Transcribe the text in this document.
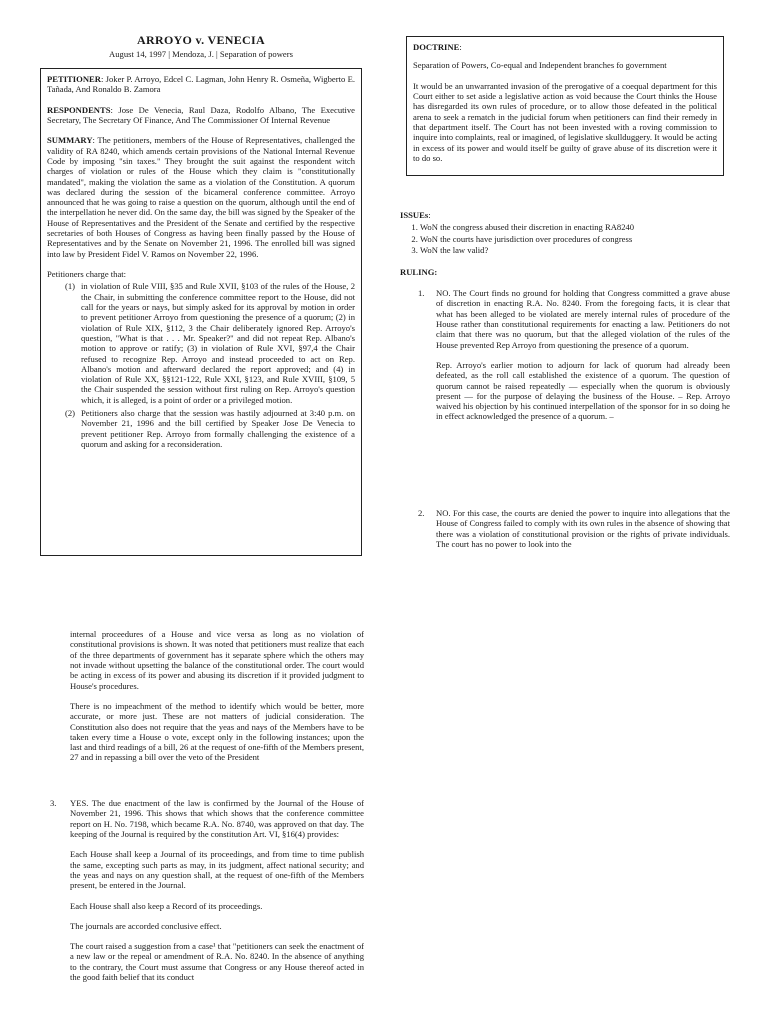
ARROYO v. VENECIA
August 14, 1997 | Mendoza, J. | Separation of powers

PETITIONER: Joker P. Arroyo, Edcel C. Lagman, John Henry R. Osmeña, Wigberto E. Tañada, And Ronaldo B. Zamora

RESPONDENTS: Jose De Venecia, Raul Daza, Rodolfo Albano, The Executive Secretary, The Secretary Of Finance, And The Commissioner Of Internal Revenue

SUMMARY: The petitioners, members of the House of Representatives, challenged the validity of RA 8240, which amends certain provisions of the National Internal Revenue Code by imposing "sin taxes." They brought the suit against the respondent witch charges of violation or rules of the House which they claim is "constitutionally mandated", making the violation the same as a violation of the Constitution. A quorum was declared during the session of the bicameral conference committee. Arroyo announced that he was going to raise a question on the quorum, although until the end of the interpellation he never did. On the same day, the bill was signed by the Speaker of the House of Representatives and the President of the Senate and certified by the respective secretaries of both Houses of Congress as having been finally passed by the House of Representatives and by the Senate on November 21, 1996. The enrolled bill was signed into law by President Fidel V. Ramos on November 22, 1996.

Petitioners charge that:

(1) in violation of Rule VIII, §35 and Rule XVII, §103 of the rules of the House, 2 the Chair, in submitting the conference committee report to the House, did not call for the years or nays, but simply asked for its approval by motion in order to prevent petitioner Arroyo from questioning the presence of a quorum; (2) in violation of Rule XIX, §112, 3 the Chair deliberately ignored Rep. Arroyo's question, "What is that . . . Mr. Speaker?" and did not repeat Rep. Albano's motion to approve or ratify; (3) in violation of Rule XVI, §97,4 the Chair refused to recognize Rep. Arroyo and instead proceeded to act on Rep. Albano's motion and afterward declared the report approved; and (4) in violation of Rule XX, §§121-122, Rule XXI, §123, and Rule XVIII, §109, 5 the Chair suspended the session without first ruling on Rep. Arroyo's question which, it is alleged, is a point of order or a privileged motion.
(2) Petitioners also charge that the session was hastily adjourned at 3:40 p.m. on November 21, 1996 and the bill certified by Speaker Jose De Venecia to prevent petitioner Rep. Arroyo from formally challenging the existence of a quorum and asking for a reconsideration.
DOCTRINE:

Separation of Powers, Co-equal and Independent branches fo government

It would be an unwarranted invasion of the prerogative of a coequal department for this Court either to set aside a legislative action as void because the Court thinks the House has disregarded its own rules of procedure, or to allow those defeated in the political arena to seek a rematch in the judicial forum when petitioners can find their remedy in that department itself. The Court has not been invested with a roving commission to inquire into complaints, real or imagined, of legislative skullduggery. It would be acting in excess of its power and would itself be guilty of grave abuse of its discretion were it to do so.

ISSUEs:
1. WoN the congress abused their discretion in enacting RA8240
2. WoN the courts have jurisdiction over procedures of congress
3. WoN the law valid?
RULING:
1. NO. The Court finds no ground for holding that Congress committed a grave abuse of discretion in enacting R.A. No. 8240. From the foregoing facts, it is clear that what has been alleged to be violated are merely internal rules of procedure of the House rather than constitutional requirements for enacting a law. Petitioners do not claim that there was no quorum, but that the alleged violation of the rules of the House prevented Rep Arroyo from questioning the presence of a quorum.

Rep. Arroyo's earlier motion to adjourn for lack of quorum had already been defeated, as the roll call established the existence of a quorum. The question of quorum cannot be raised repeatedly — especially when the quorum is obviously present — for the purpose of delaying the business of the House. – Rep. Arroyo waived his objection by his continued interpellation of the sponsor for in so doing he in effect acknowledged the presence of a quorum. –

2. NO. For this case, the courts are denied the power to inquire into allegations that the House of Congress failed to comply with its own rules in the absence of showing that there was a violation of constitutional provision or the rights of private individuals. The court has no power to look into the

internal proceedures of a House and vice versa as long as no violation of constitutional provisions is shown. It was noted that petitioners must realize that each of the three departments of government has it separate sphere which the others may not invade without upsetting the balance of the constitutional order. The court would be acting in excess of its power and abusing its discretion if it provided judgment to House's procedures.

There is no impeachment of the method to identify which would be better, more accurate, or more just. These are not matters of judicial consideration. The Constitution also does not require that the yeas and nays of the Members have to be taken every time a House o vote, except only in the following instances; upon the last and third readings of a bill, 26 at the request of one-fifth of the Members present, 27 and in repassing a bill over the veto of the President

3. YES. The due enactment of the law is confirmed by the Journal of the House of November 21, 1996. This shows that which shows that the conference committee report on H. No. 7198, which became R.A. No. 8740, was approved on that day. The keeping of the Journal is required by the constitution Art. VI, §16(4) provides:

Each House shall keep a Journal of its proceedings, and from time to time publish the same, excepting such parts as may, in its judgment, affect national security; and the yeas and nays on any question shall, at the request of one-fifth of the Members present, be entered in the Journal.

Each House shall also keep a Record of its proceedings.

The journals are accorded conclusive effect.

The court raised a suggestion from a case¹ that "petitioners can seek the enactment of a new law or the repeal or amendment of R.A. No. 8240. In the absence of anything to the contrary, the Court must assume that Congress or any House thereof acted in the good faith belief that its conduct
